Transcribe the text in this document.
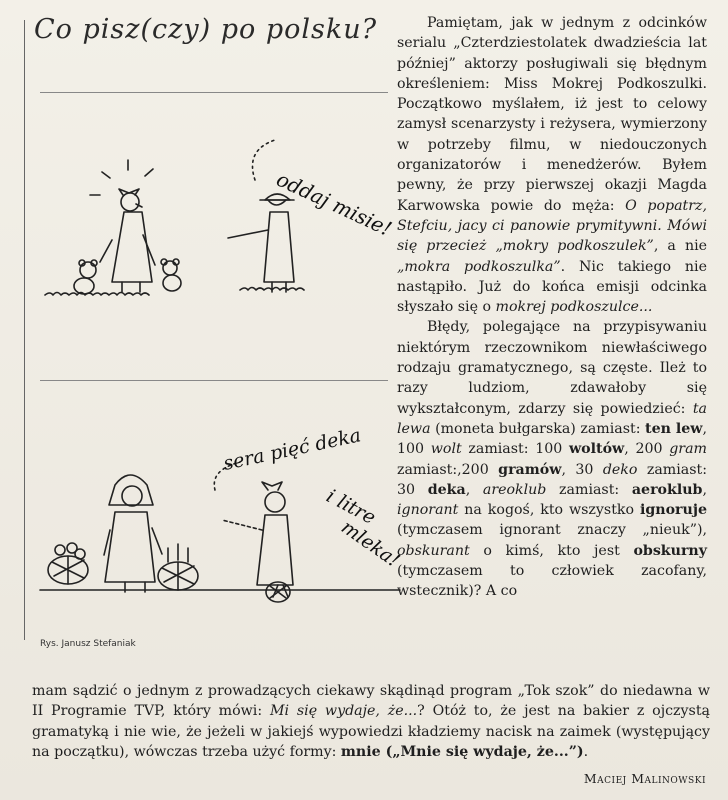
Co pisz(czy) po polsku?
oddaj misie!
sera pięć deka
i litre
mleka!
Rys. Janusz Stefaniak

Pamiętam, jak w jednym z odcinków serialu „Czterdziestolatek dwadzieścia lat później” aktorzy posługiwali się błędnym określeniem: Miss Mokrej Podkoszulki. Początkowo myślałem, iż jest to celowy zamysł scenarzysty i reżysera, wymierzony w potrzeby filmu, w niedouczonych organizatorów i menedżerów. Byłem pewny, że przy pierwszej okazji Magda Karwowska powie do męża: O popatrz, Stefciu, jacy ci panowie prymitywni. Mówi się przecież „mokry podkoszulek”, a nie „mokra podkoszulka”. Nic takiego nie nastąpiło. Już do końca emisji odcinka słyszało się o mokrej podkoszulce...

Błędy, polegające na przypisywaniu niektórym rzeczownikom niewłaściwego rodzaju gramatycznego, są częste. Ileż to razy ludziom, zdawałoby się wykształconym, zdarzy się powiedzieć: ta lewa (moneta bułgarska) zamiast: ten lew, 100 wolt zamiast: 100 woltów, 200 gram zamiast:,200 gramów, 30 deko zamiast: 30 deka, areoklub zamiast: aeroklub, ignorant na kogoś, kto wszystko ignoruje (tymczasem ignorant znaczy „nieuk”), obskurant o kimś, kto jest obskurny (tymczasem to człowiek zacofany, wstecznik)? A co

mam sądzić o jednym z prowadzących ciekawy skądinąd program „Tok szok” do niedawna w II Programie TVP, który mówi: Mi się wydaje, że...? Otóż to, że jest na bakier z ojczystą gramatyką i nie wie, że jeżeli w jakiejś wypowiedzi kładziemy nacisk na zaimek (występujący na początku), wówczas trzeba użyć formy: mnie („Mnie się wydaje, że...”).

Maciej Malinowski
